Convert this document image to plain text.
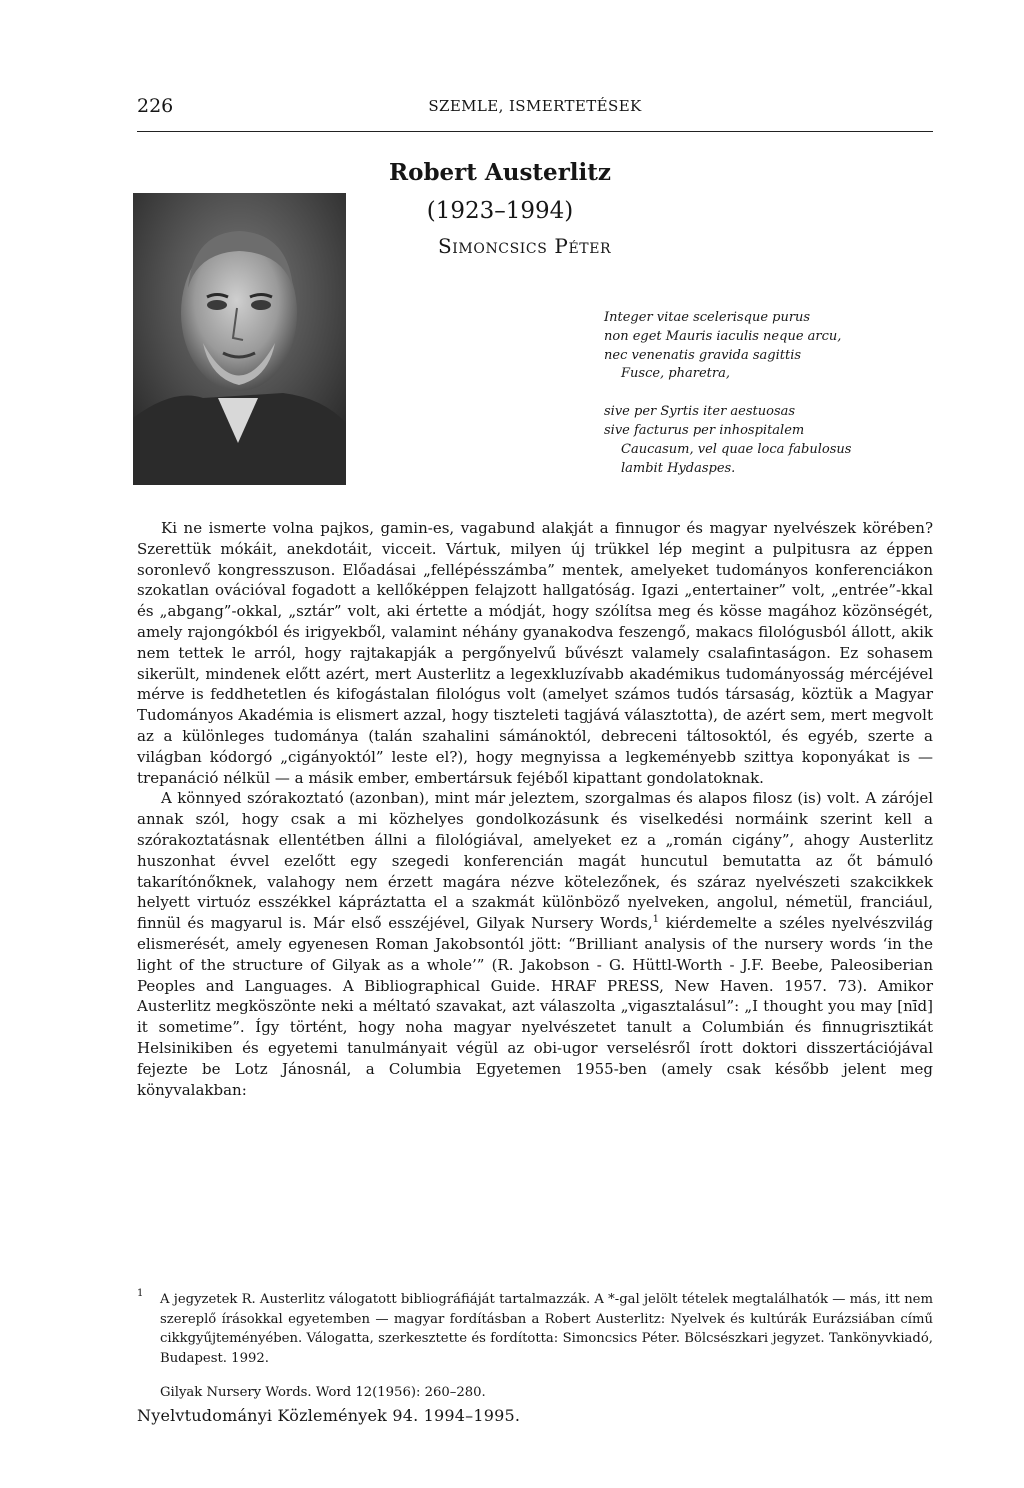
226	SZEMLE, ISMERTETÉSEK
Robert Austerlitz
(1923–1994)
Simoncsics Péter
Integer vitae scelerisque purus
non eget Mauris iaculis neque arcu,
nec venenatis gravida sagittis
Fusce, pharetra,
sive per Syrtis iter aestuosas
sive facturus per inhospitalem
Caucasum, vel quae loca fabulosus
lambit Hydaspes.

Ki ne ismerte volna pajkos, gamin-es, vagabund alakját a finnugor és magyar nyelvészek körében? Szerettük mókáit, anekdotáit, vicceit. Vártuk, milyen új trükkel lép megint a pulpitusra az éppen soronlevő kongresszuson. Előadásai „fellépésszámba” mentek, amelyeket tudományos konferenciákon szokatlan ovációval fogadott a kellőképpen felajzott hallgatóság. Igazi „entertainer” volt, „entrée”-kkal és „abgang”-okkal, „sztár” volt, aki értette a módját, hogy szólítsa meg és kösse magához közönségét, amely rajongókból és irigyekből, valamint néhány gyanakodva feszengő, makacs filológusból állott, akik nem tettek le arról, hogy rajtakapják a pergőnyelvű bűvészt valamely csalafintaságon. Ez sohasem sikerült, mindenek előtt azért, mert Austerlitz a legexkluzívabb akadémikus tudományosság mércéjével mérve is feddhetetlen és kifogástalan filológus volt (amelyet számos tudós társaság, köztük a Magyar Tudományos Akadémia is elismert azzal, hogy tiszteleti tagjává választotta), de azért sem, mert megvolt az a különleges tudománya (talán szahalini sámánoktól, debreceni táltosoktól, és egyéb, szerte a világban kódorgó „cigányoktól” leste el?), hogy megnyissa a legkeményebb szittya koponyákat is — trepanáció nélkül — a másik ember, embertársuk fejéből kipattant gondolatoknak.

A könnyed szórakoztató (azonban), mint már jeleztem, szorgalmas és alapos filosz (is) volt. A zárójel annak szól, hogy csak a mi közhelyes gondolkozásunk és viselkedési normáink szerint kell a szórakoztatásnak ellentétben állni a filológiával, amelyeket ez a „román cigány”, ahogy Austerlitz huszonhat évvel ezelőtt egy szegedi konferencián magát huncutul bemutatta az őt bámuló takarítónőknek, valahogy nem érzett magára nézve kötelezőnek, és száraz nyelvészeti szakcikkek helyett virtuóz esszékkel kápráztatta el a szakmát különböző nyelveken, angolul, németül, franciául, finnül és magyarul is. Már első esszéjével, Gilyak Nursery Words,$^1$ kiérdemelte a széles nyelvészvilág elismerését, amely egyenesen Roman Jakobsontól jött: “Brilliant analysis of the nursery words ‘in the light of the structure of Gilyak as a whole’” (R. Jakobson - G. Hüttl-Worth - J.F. Beebe, Paleosiberian Peoples and Languages. A Bibliographical Guide. HRAF PRESS, New Haven. 1957. 73). Amikor Austerlitz megköszönte neki a méltató szavakat, azt válaszolta „vigasztalásul”: „I thought you may [nīd] it sometime”. Így történt, hogy noha magyar nyelvészetet tanult a Columbián és finnugrisztikát Helsinikiben és egyetemi tanulmányait végül az obi-ugor verselésről írott doktori disszertációjával fejezte be Lotz Jánosnál, a Columbia Egyetemen 1955-ben (amely csak később jelent meg könyvalakban:

1 A jegyzetek R. Austerlitz válogatott bibliográfiáját tartalmazzák. A *-gal jelölt tételek megtalálhatók — más, itt nem szereplő írásokkal egyetemben — magyar fordításban a Robert Austerlitz: Nyelvek és kultúrák Eurázsiában című cikkgyűjteményében. Válogatta, szerkesztette és fordította: Simoncsics Péter. Bölcsészkari jegyzet. Tankönyvkiadó, Budapest. 1992.
Gilyak Nursery Words. Word 12(1956): 260–280.
Nyelvtudományi Közlemények 94. 1994–1995.
